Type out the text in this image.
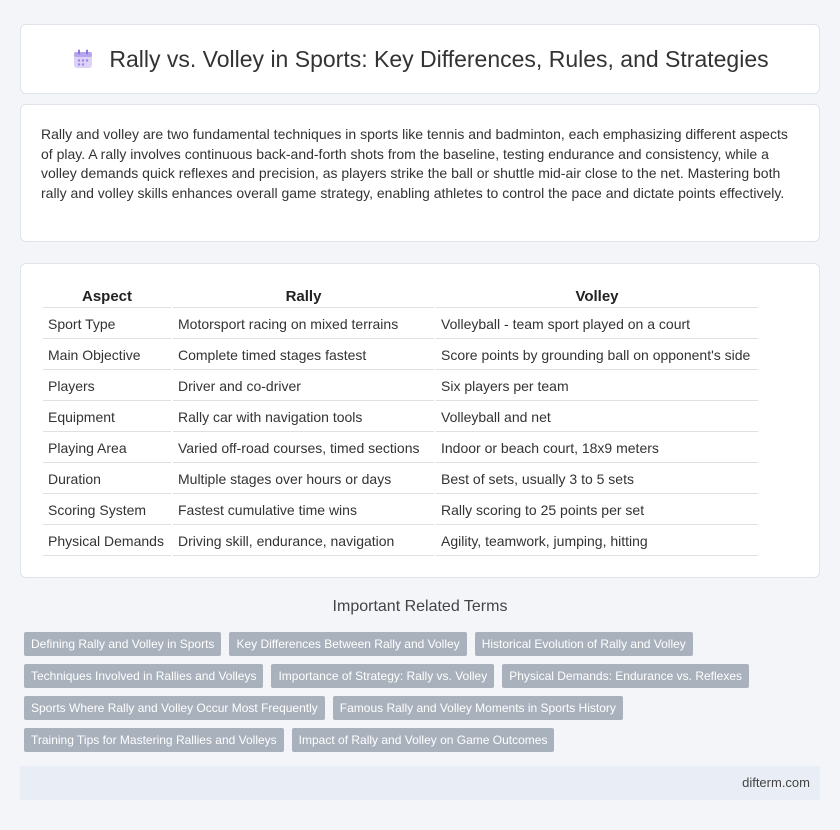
Rally vs. Volley in Sports: Key Differences, Rules, and Strategies

Rally and volley are two fundamental techniques in sports like tennis and badminton, each emphasizing different aspects of play. A rally involves continuous back-and-forth shots from the baseline, testing endurance and consistency, while a volley demands quick reflexes and precision, as players strike the ball or shuttle mid-air close to the net. Mastering both rally and volley skills enhances overall game strategy, enabling athletes to control the pace and dictate points effectively.

Aspect	Rally	Volley
Sport Type	Motorsport racing on mixed terrains	Volleyball - team sport played on a court
Main Objective	Complete timed stages fastest	Score points by grounding ball on opponent's side
Players	Driver and co-driver	Six players per team
Equipment	Rally car with navigation tools	Volleyball and net
Playing Area	Varied off-road courses, timed sections	Indoor or beach court, 18x9 meters
Duration	Multiple stages over hours or days	Best of sets, usually 3 to 5 sets
Scoring System	Fastest cumulative time wins	Rally scoring to 25 points per set
Physical Demands	Driving skill, endurance, navigation	Agility, teamwork, jumping, hitting
Important Related Terms
Defining Rally and Volley in Sports	Key Differences Between Rally and Volley	Historical Evolution of Rally and Volley
Techniques Involved in Rallies and Volleys	Importance of Strategy: Rally vs. Volley	Physical Demands: Endurance vs. Reflexes
Sports Where Rally and Volley Occur Most Frequently	Famous Rally and Volley Moments in Sports History
Training Tips for Mastering Rallies and Volleys	Impact of Rally and Volley on Game Outcomes
difterm.com
